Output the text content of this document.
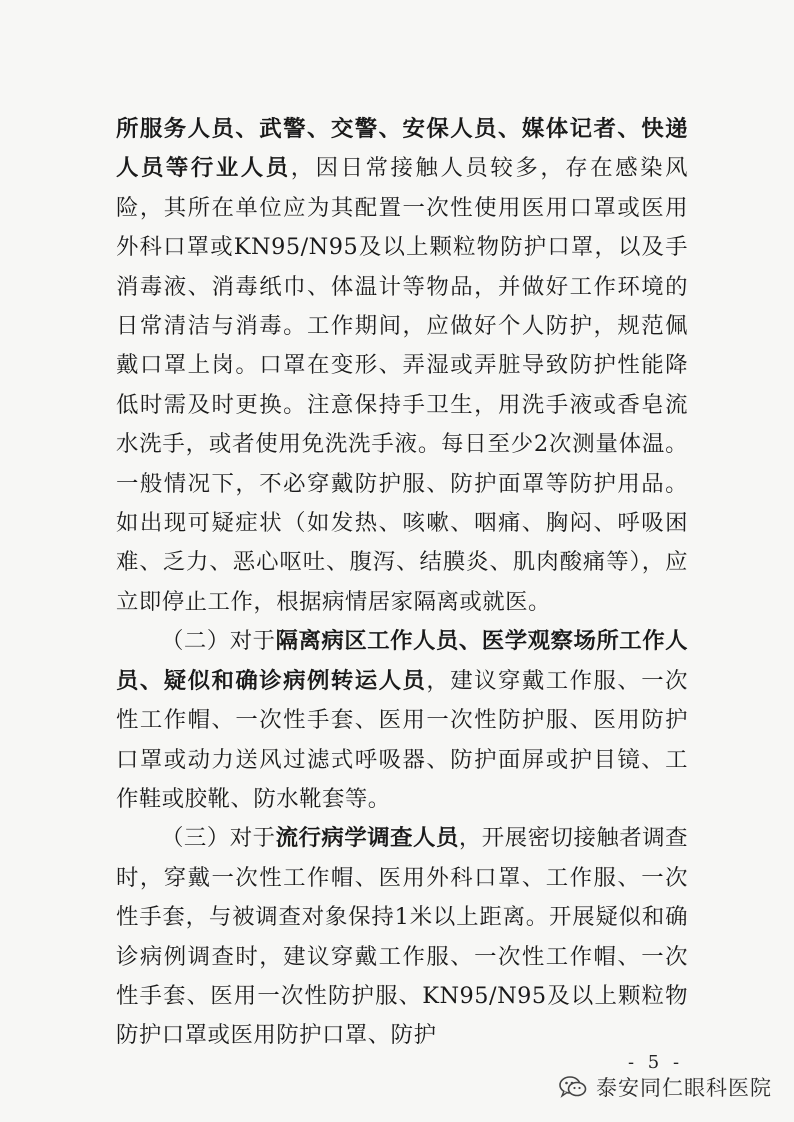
所服务人员、武警、交警、安保人员、媒体记者、快递人员等行业人员，因日常接触人员较多，存在感染风险，其所在单位应为其配置一次性使用医用口罩或医用外科口罩或KN95/N95及以上颗粒物防护口罩，以及手消毒液、消毒纸巾、体温计等物品，并做好工作环境的日常清洁与消毒。工作期间，应做好个人防护，规范佩戴口罩上岗。口罩在变形、弄湿或弄脏导致防护性能降低时需及时更换。注意保持手卫生，用洗手液或香皂流水洗手，或者使用免洗洗手液。每日至少2次测量体温。一般情况下，不必穿戴防护服、防护面罩等防护用品。如出现可疑症状（如发热、咳嗽、咽痛、胸闷、呼吸困难、乏力、恶心呕吐、腹泻、结膜炎、肌肉酸痛等），应立即停止工作，根据病情居家隔离或就医。

（二）对于隔离病区工作人员、医学观察场所工作人员、疑似和确诊病例转运人员，建议穿戴工作服、一次性工作帽、一次性手套、医用一次性防护服、医用防护口罩或动力送风过滤式呼吸器、防护面屏或护目镜、工作鞋或胶靴、防水靴套等。

（三）对于流行病学调查人员，开展密切接触者调查时，穿戴一次性工作帽、医用外科口罩、工作服、一次性手套，与被调查对象保持1米以上距离。开展疑似和确诊病例调查时，建议穿戴工作服、一次性工作帽、一次性手套、医用一次性防护服、KN95/N95及以上颗粒物防护口罩或医用防护口罩、防护

- 5 -
泰安同仁眼科医院
